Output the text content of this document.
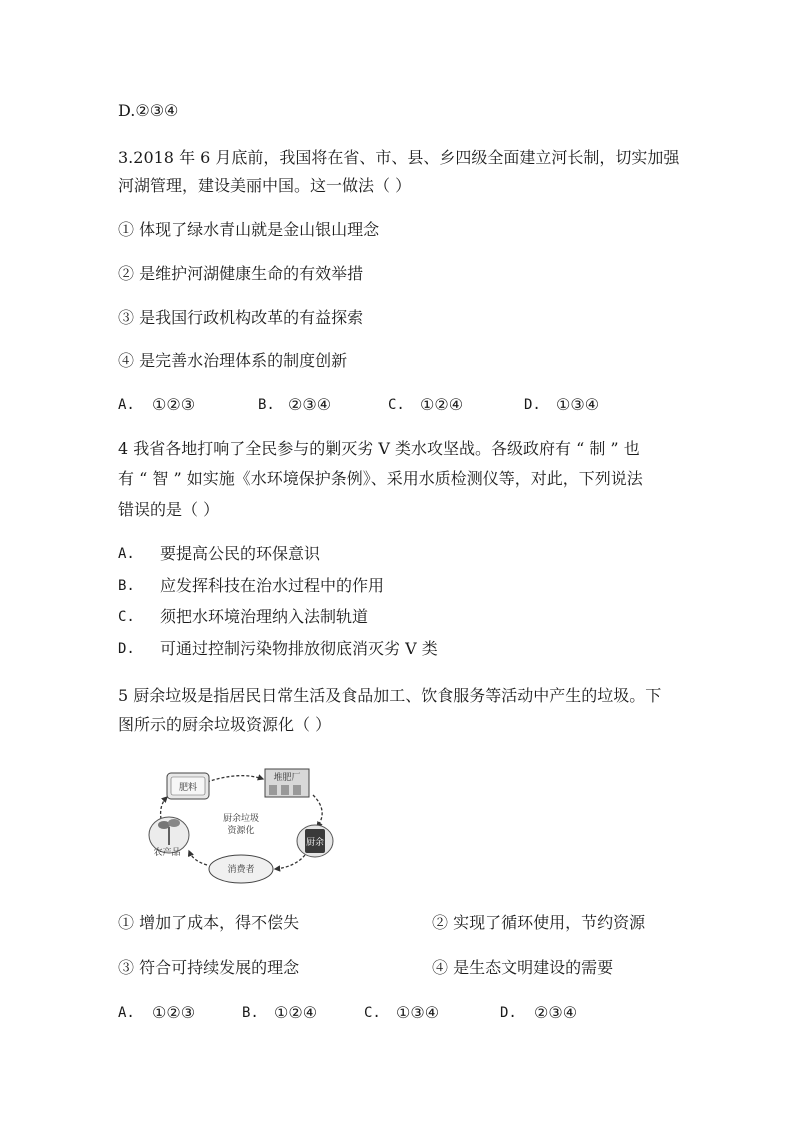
D.②③④
3.2018 年 6 月底前，我国将在省、市、县、乡四级全面建立河长制，切实加强
河湖管理，建设美丽中国。这一做法（ ）
① 体现了绿水青山就是金山银山理念
② 是维护河湖健康生命的有效举措
③ 是我国行政机构改革的有益探索
④ 是完善水治理体系的制度创新
A. ①②③	B. ②③④	C. ①②④	D. ①③④
4 我省各地打响了全民参与的剿灭劣 V 类水攻坚战。各级政府有 “ 制 ” 也
有 “ 智 ” 如实施《水环境保护条例》、采用水质检测仪等，对此，下列说法
错误的是（ ）
A. 要提高公民的环保意识
B. 应发挥科技在治水过程中的作用
C. 须把水环境治理纳入法制轨道
D. 可通过控制污染物排放彻底消灭劣 V 类
5 厨余垃圾是指居民日常生活及食品加工、饮食服务等活动中产生的垃圾。下
图所示的厨余垃圾资源化（ ）
厨余垃圾
资源化
肥料
堆肥厂
厨余
消费者
农产品
① 增加了成本，得不偿失	② 实现了循环使用，节约资源
③ 符合可持续发展的理念	④ 是生态文明建设的需要
A. ①②③	B. ①②④	C. ①③④	D. ②③④
